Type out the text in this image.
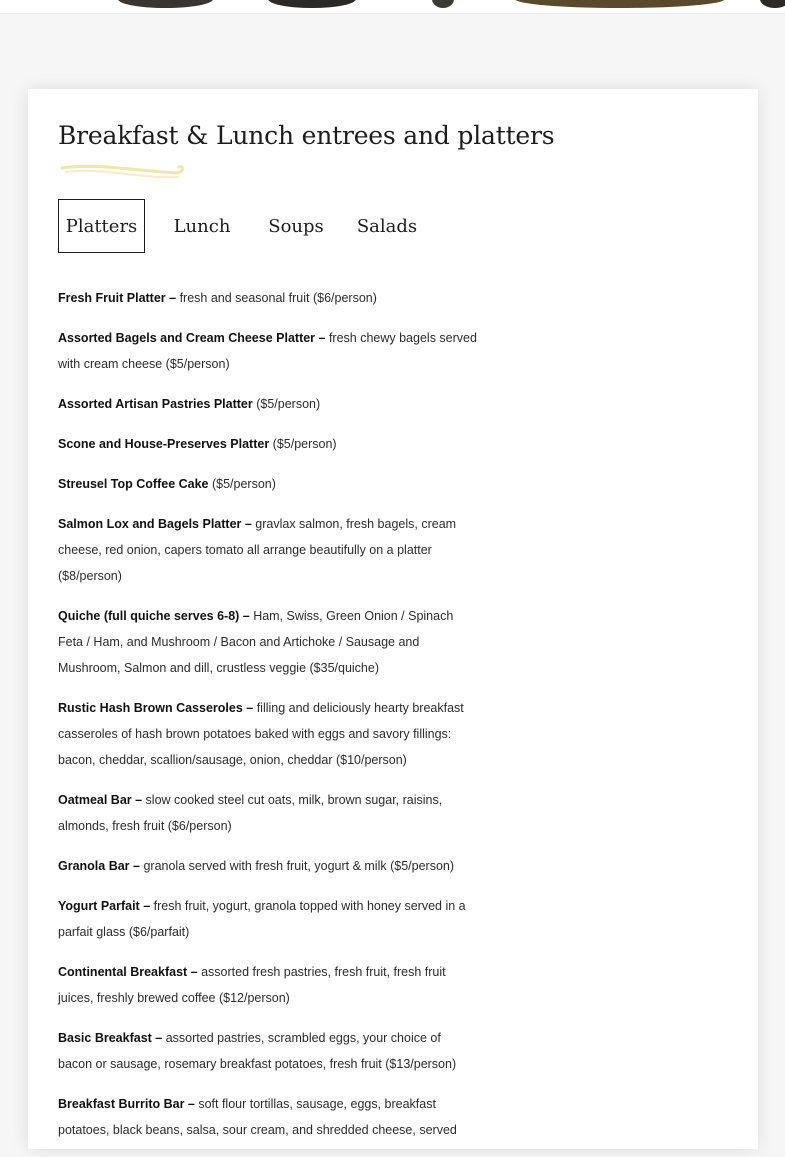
Breakfast & Lunch entrees and platters
Platters	Lunch	Soups	Salads

Fresh Fruit Platter – fresh and seasonal fruit ($6/person)

Assorted Bagels and Cream Cheese Platter – fresh chewy bagels served with cream cheese ($5/person)

Assorted Artisan Pastries Platter ($5/person)

Scone and House-Preserves Platter ($5/person)

Streusel Top Coffee Cake ($5/person)

Salmon Lox and Bagels Platter – gravlax salmon, fresh bagels, cream cheese, red onion, capers tomato all arrange beautifully on a platter ($8/person)

Quiche (full quiche serves 6-8) – Ham, Swiss, Green Onion / Spinach Feta / Ham, and Mushroom / Bacon and Artichoke / Sausage and Mushroom, Salmon and dill, crustless veggie ($35/quiche)

Rustic Hash Brown Casseroles – filling and deliciously hearty breakfast casseroles of hash brown potatoes baked with eggs and savory fillings: bacon, cheddar, scallion/sausage, onion, cheddar ($10/person)

Oatmeal Bar – slow cooked steel cut oats, milk, brown sugar, raisins, almonds, fresh fruit ($6/person)

Granola Bar – granola served with fresh fruit, yogurt & milk ($5/person)

Yogurt Parfait – fresh fruit, yogurt, granola topped with honey served in a parfait glass ($6/parfait)

Continental Breakfast – assorted fresh pastries, fresh fruit, fresh fruit juices, freshly brewed coffee ($12/person)

Basic Breakfast – assorted pastries, scrambled eggs, your choice of bacon or sausage, rosemary breakfast potatoes, fresh fruit ($13/person)

Breakfast Burrito Bar – soft flour tortillas, sausage, eggs, breakfast potatoes, black beans, salsa, sour cream, and shredded cheese, served
